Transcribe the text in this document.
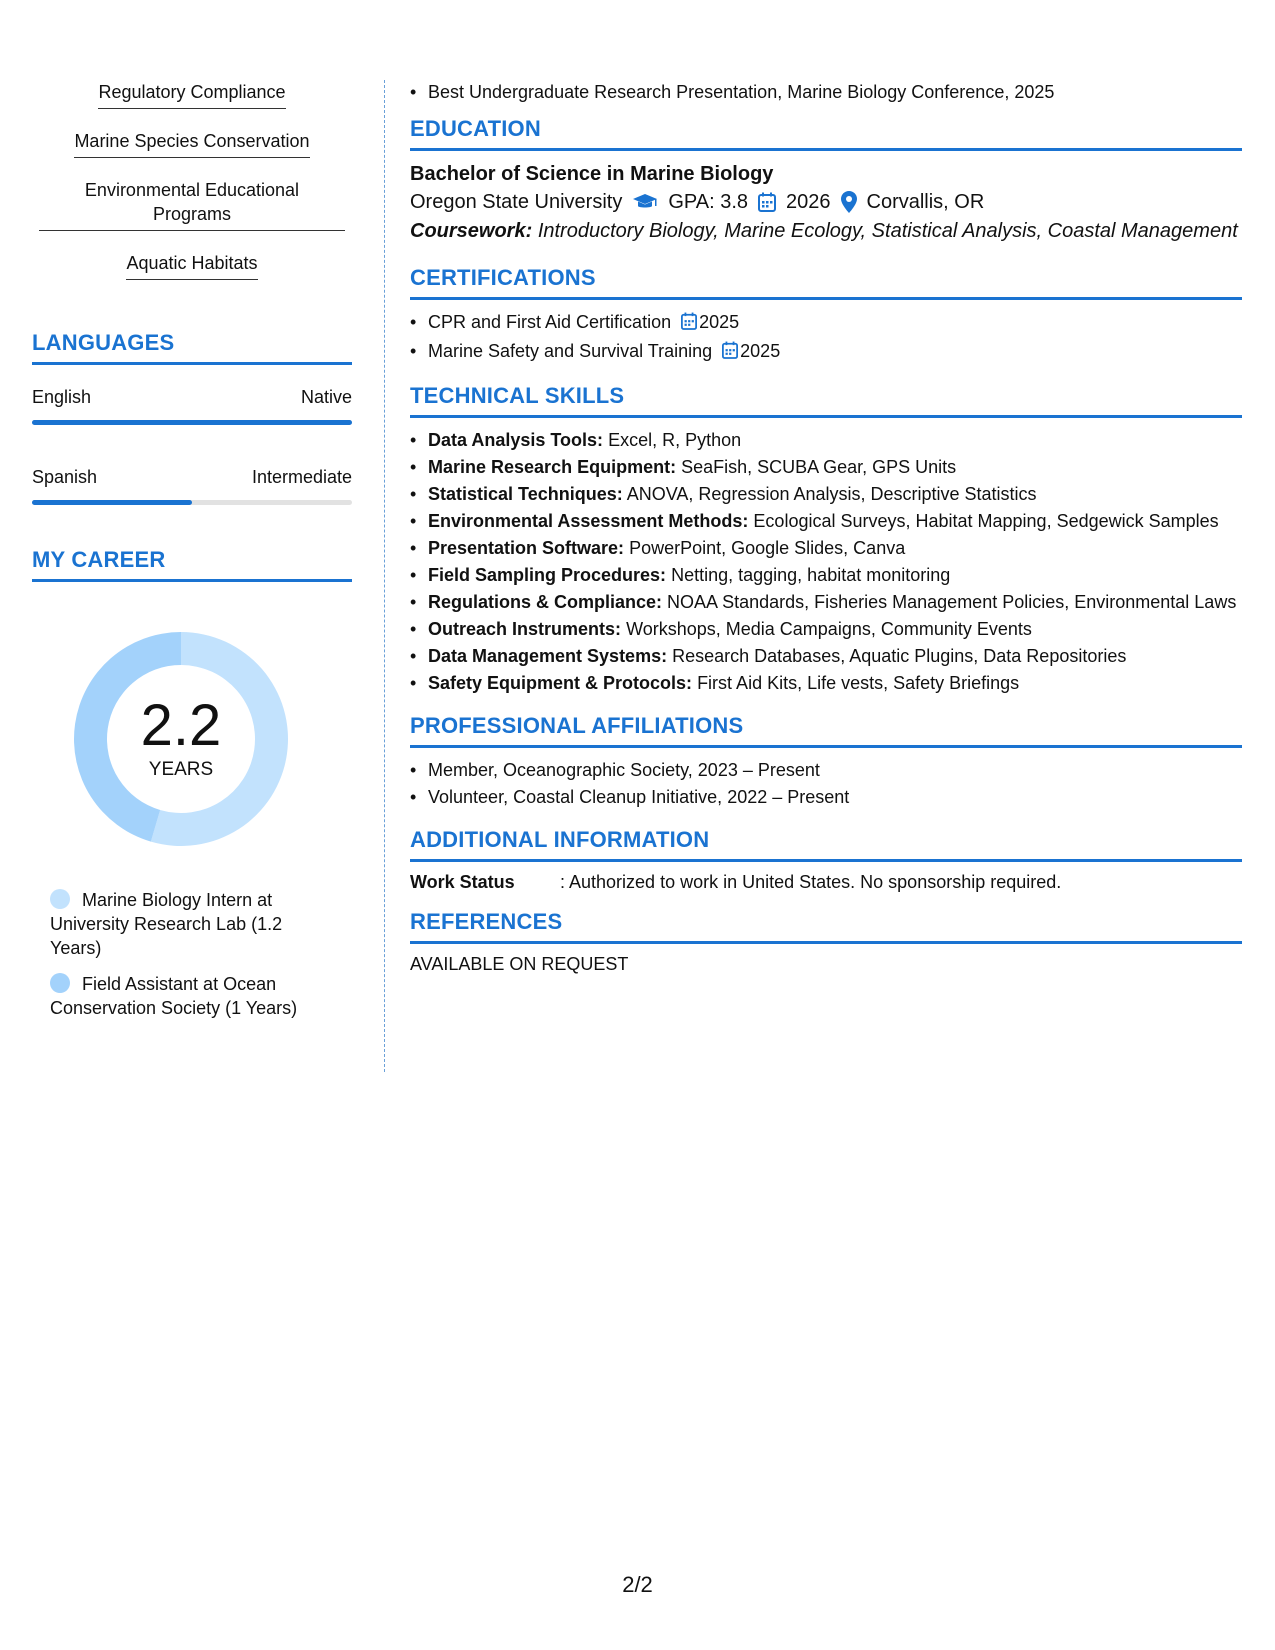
Regulatory Compliance
Marine Species Conservation
Environmental Educational Programs
Aquatic Habitats
LANGUAGES
English	Native
Spanish	Intermediate
MY CAREER
2.2
YEARS
Marine Biology Intern at University Research Lab (1.2 Years)
Field Assistant at Ocean Conservation Society (1 Years)
• Best Undergraduate Research Presentation, Marine Biology Conference, 2025
EDUCATION
Bachelor of Science in Marine Biology
Oregon State University GPA: 3.8 2026 Corvallis, OR
Coursework: Introductory Biology, Marine Ecology, Statistical Analysis, Coastal Management
CERTIFICATIONS
• CPR and First Aid Certification 2025
• Marine Safety and Survival Training 2025
TECHNICAL SKILLS
• Data Analysis Tools: Excel, R, Python
• Marine Research Equipment: SeaFish, SCUBA Gear, GPS Units
• Statistical Techniques: ANOVA, Regression Analysis, Descriptive Statistics
• Environmental Assessment Methods: Ecological Surveys, Habitat Mapping, Sedgewick Samples
• Presentation Software: PowerPoint, Google Slides, Canva
• Field Sampling Procedures: Netting, tagging, habitat monitoring
• Regulations & Compliance: NOAA Standards, Fisheries Management Policies, Environmental Laws
• Outreach Instruments: Workshops, Media Campaigns, Community Events
• Data Management Systems: Research Databases, Aquatic Plugins, Data Repositories
• Safety Equipment & Protocols: First Aid Kits, Life vests, Safety Briefings
PROFESSIONAL AFFILIATIONS
• Member, Oceanographic Society, 2023 – Present
• Volunteer, Coastal Cleanup Initiative, 2022 – Present
ADDITIONAL INFORMATION
Work Status	: Authorized to work in United States. No sponsorship required.
REFERENCES
AVAILABLE ON REQUEST
2/2
